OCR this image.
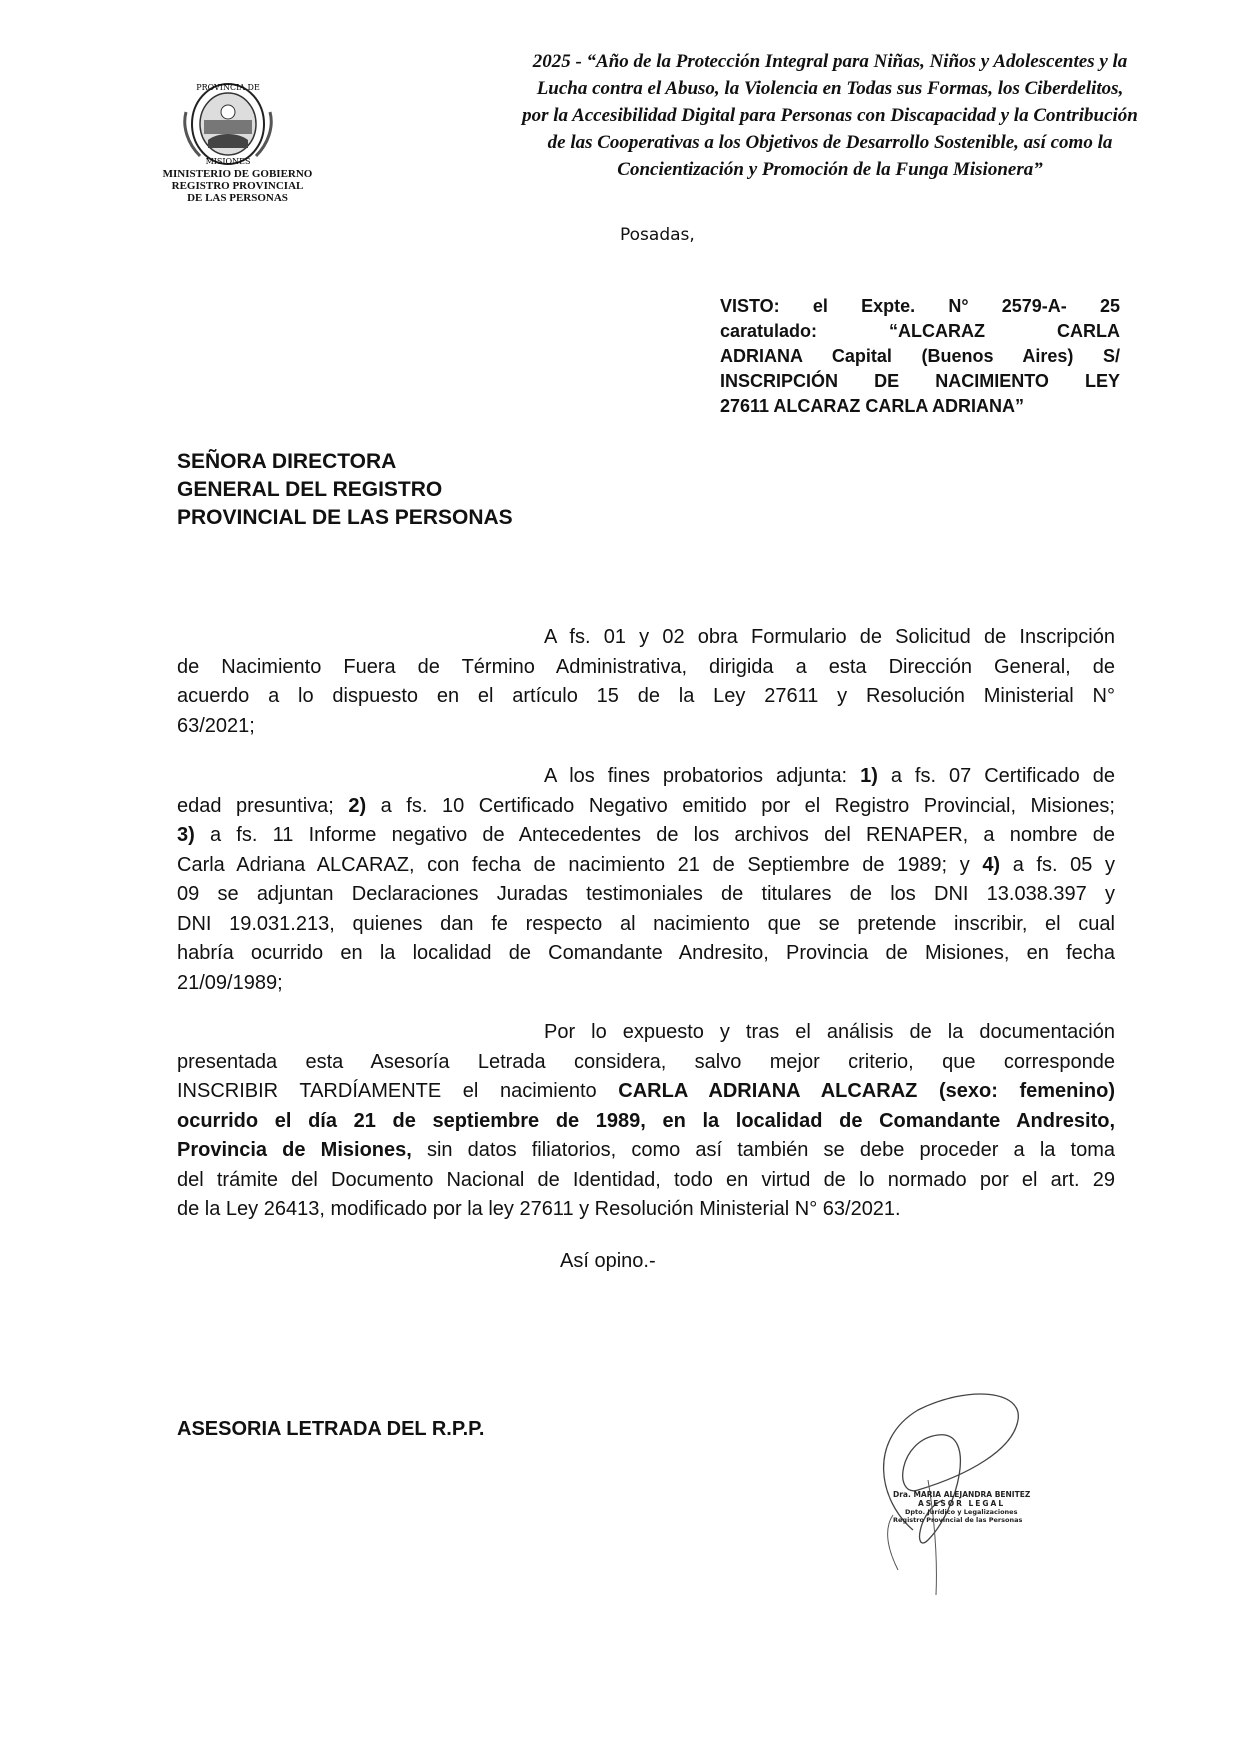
PROVINCIA DE
MISIONES
MINISTERIO DE GOBIERNO
REGISTRO PROVINCIAL
DE LAS PERSONAS
2025 - “Año de la Protección Integral para Niñas, Niños y Adolescentes y la
Lucha contra el Abuso, la Violencia en Todas sus Formas, los Ciberdelitos,
por la Accesibilidad Digital para Personas con Discapacidad y la Contribución
de las Cooperativas a los Objetivos de Desarrollo Sostenible, así como la
Concientización y Promoción de la Funga Misionera”
Posadas,
VISTO: el Expte. N° 2579-A- 25
caratulado: “ALCARAZ CARLA
ADRIANA Capital (Buenos Aires) S/
INSCRIPCIÓN DE NACIMIENTO LEY
27611 ALCARAZ CARLA ADRIANA”
SEÑORA DIRECTORA
GENERAL DEL REGISTRO
PROVINCIAL DE LAS PERSONAS
A fs. 01 y 02 obra Formulario de Solicitud de Inscripción
de Nacimiento Fuera de Término Administrativa, dirigida a esta Dirección General, de
acuerdo a lo dispuesto en el artículo 15 de la Ley 27611 y Resolución Ministerial N°
63/2021;
A los fines probatorios adjunta: 1) a fs. 07 Certificado de
edad presuntiva; 2) a fs. 10 Certificado Negativo emitido por el Registro Provincial, Misiones;
3) a fs. 11 Informe negativo de Antecedentes de los archivos del RENAPER, a nombre de
Carla Adriana ALCARAZ, con fecha de nacimiento 21 de Septiembre de 1989; y 4) a fs. 05 y
09 se adjuntan Declaraciones Juradas testimoniales de titulares de los DNI 13.038.397 y
DNI 19.031.213, quienes dan fe respecto al nacimiento que se pretende inscribir, el cual
habría ocurrido en la localidad de Comandante Andresito, Provincia de Misiones, en fecha
21/09/1989;
Por lo expuesto y tras el análisis de la documentación
presentada esta Asesoría Letrada considera, salvo mejor criterio, que corresponde
INSCRIBIR TARDÍAMENTE el nacimiento CARLA ADRIANA ALCARAZ (sexo: femenino)
ocurrido el día 21 de septiembre de 1989, en la localidad de Comandante Andresito,
Provincia de Misiones, sin datos filiatorios, como así también se debe proceder a la toma
del trámite del Documento Nacional de Identidad, todo en virtud de lo normado por el art. 29
de la Ley 26413, modificado por la ley 27611 y Resolución Ministerial N° 63/2021.
Así opino.-
ASESORIA LETRADA DEL R.P.P.
Dra. MARIA ALEJANDRA BENITEZ
ASESOR LEGAL
Dpto. Jurídico y Legalizaciones
Registro Provincial de las Personas
